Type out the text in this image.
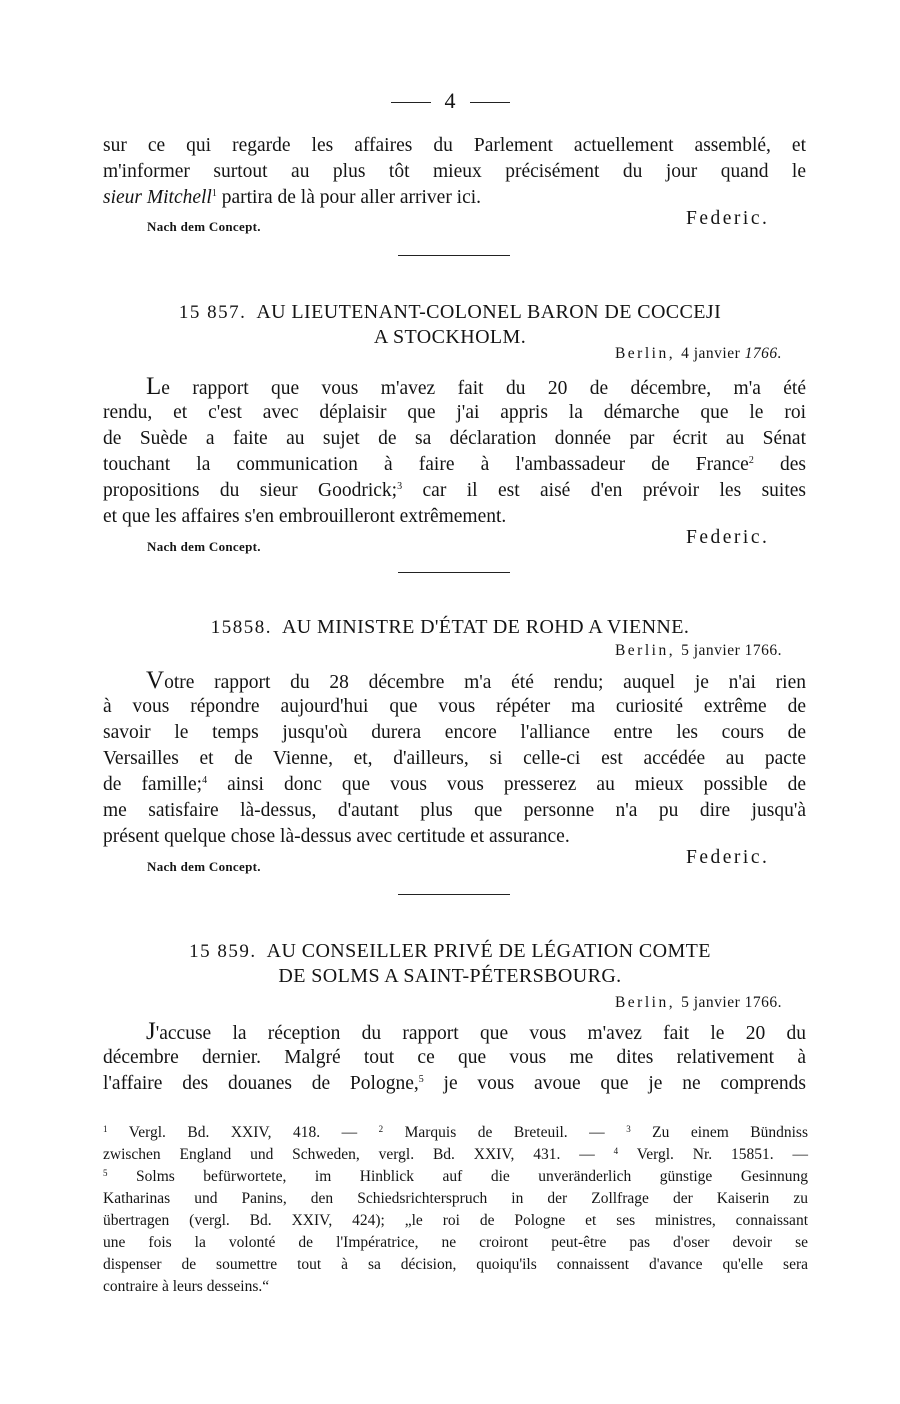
4
sur ce qui regarde les affaires du Parlement actuellement assemblé, et
m'informer surtout au plus tôt mieux précisément du jour quand le
sieur Mitchell$^1$ partira de là pour aller arriver ici.
Nach dem Concept.	Federic.
15 857. AU LIEUTENANT-COLONEL BARON DE COCCEJI
A STOCKHOLM.
Berlin, 4 janvier 1766.
Le rapport que vous m'avez fait du 20 de décembre, m'a été
rendu, et c'est avec déplaisir que j'ai appris la démarche que le roi
de Suède a faite au sujet de sa déclaration donnée par écrit au Sénat
touchant la communication à faire à l'ambassadeur de France$^2$ des
propositions du sieur Goodrick;$^3$ car il est aisé d'en prévoir les suites
et que les affaires s'en embrouilleront extrêmement.
Nach dem Concept.	Federic.
15858. AU MINISTRE D'ÉTAT DE ROHD A VIENNE.
Berlin, 5 janvier 1766.
Votre rapport du 28 décembre m'a été rendu; auquel je n'ai rien
à vous répondre aujourd'hui que vous répéter ma curiosité extrême de
savoir le temps jusqu'où durera encore l'alliance entre les cours de
Versailles et de Vienne, et, d'ailleurs, si celle-ci est accédée au pacte
de famille;$^4$ ainsi donc que vous vous presserez au mieux possible de
me satisfaire là-dessus, d'autant plus que personne n'a pu dire jusqu'à
présent quelque chose là-dessus avec certitude et assurance.
Nach dem Concept.	Federic.
15 859. AU CONSEILLER PRIVÉ DE LÉGATION COMTE
DE SOLMS A SAINT-PÉTERSBOURG.
Berlin, 5 janvier 1766.
J'accuse la réception du rapport que vous m'avez fait le 20 du
décembre dernier. Malgré tout ce que vous me dites relativement à
l'affaire des douanes de Pologne,$^5$ je vous avoue que je ne comprends
$^1$ Vergl. Bd. XXIV, 418. — $^2$ Marquis de Breteuil. — $^3$ Zu einem Bündniss
zwischen England und Schweden, vergl. Bd. XXIV, 431. — $^4$ Vergl. Nr. 15851. —
$^5$ Solms befürwortete, im Hinblick auf die unveränderlich günstige Gesinnung
Katharinas und Panins, den Schiedsrichterspruch in der Zollfrage der Kaiserin zu
übertragen (vergl. Bd. XXIV, 424); „le roi de Pologne et ses ministres, connaissant
une fois la volonté de l'Impératrice, ne croiront peut-être pas d'oser devoir se
dispenser de soumettre tout à sa décision, quoiqu'ils connaissent d'avance qu'elle sera
contraire à leurs desseins.“
